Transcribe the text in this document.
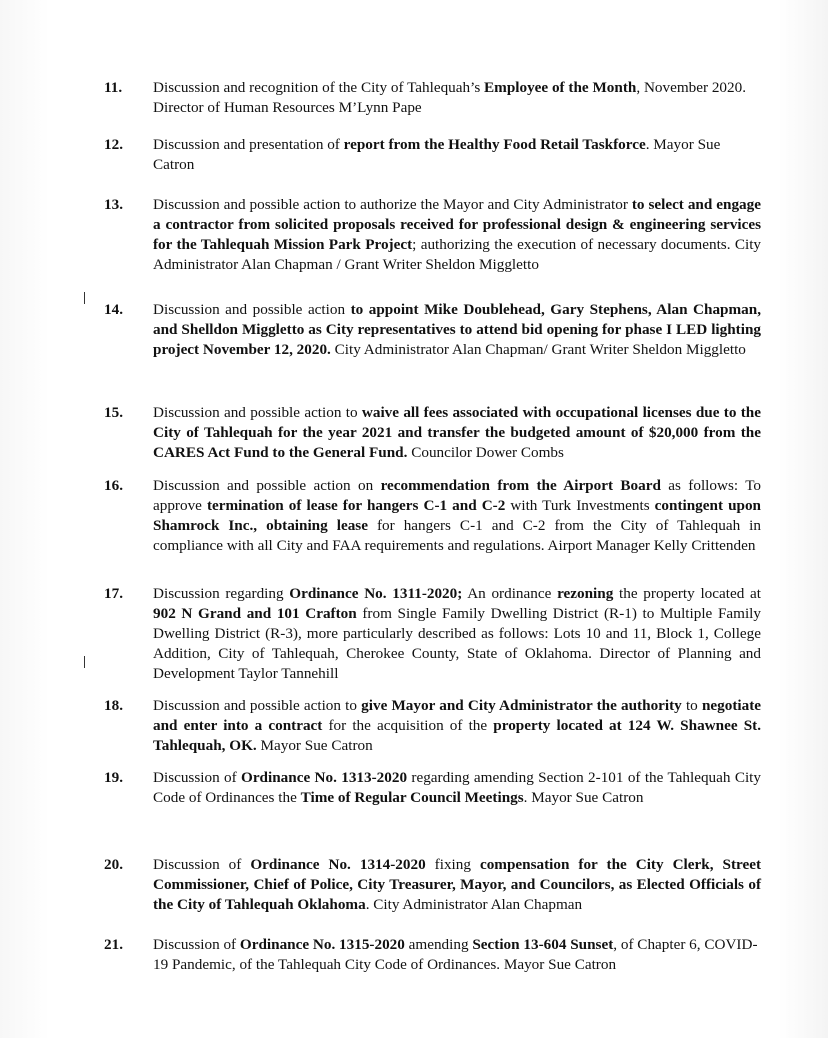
11. Discussion and recognition of the City of Tahlequah’s Employee of the Month, November 2020. Director of Human Resources M’Lynn Pape
12. Discussion and presentation of report from the Healthy Food Retail Taskforce. Mayor Sue Catron
13. Discussion and possible action to authorize the Mayor and City Administrator to select and engage a contractor from solicited proposals received for professional design & engineering services for the Tahlequah Mission Park Project; authorizing the execution of necessary documents. City Administrator Alan Chapman / Grant Writer Sheldon Miggletto
14. Discussion and possible action to appoint Mike Doublehead, Gary Stephens, Alan Chapman, and Shelldon Miggletto as City representatives to attend bid opening for phase I LED lighting project November 12, 2020. City Administrator Alan Chapman/ Grant Writer Sheldon Miggletto
15. Discussion and possible action to waive all fees associated with occupational licenses due to the City of Tahlequah for the year 2021 and transfer the budgeted amount of $20,000 from the CARES Act Fund to the General Fund. Councilor Dower Combs
16. Discussion and possible action on recommendation from the Airport Board as follows: To approve termination of lease for hangers C-1 and C-2 with Turk Investments contingent upon Shamrock Inc., obtaining lease for hangers C-1 and C-2 from the City of Tahlequah in compliance with all City and FAA requirements and regulations. Airport Manager Kelly Crittenden
17. Discussion regarding Ordinance No. 1311-2020; An ordinance rezoning the property located at 902 N Grand and 101 Crafton from Single Family Dwelling District (R-1) to Multiple Family Dwelling District (R-3), more particularly described as follows: Lots 10 and 11, Block 1, College Addition, City of Tahlequah, Cherokee County, State of Oklahoma. Director of Planning and Development Taylor Tannehill
18. Discussion and possible action to give Mayor and City Administrator the authority to negotiate and enter into a contract for the acquisition of the property located at 124 W. Shawnee St. Tahlequah, OK. Mayor Sue Catron
19. Discussion of Ordinance No. 1313-2020 regarding amending Section 2-101 of the Tahlequah City Code of Ordinances the Time of Regular Council Meetings. Mayor Sue Catron
20. Discussion of Ordinance No. 1314-2020 fixing compensation for the City Clerk, Street Commissioner, Chief of Police, City Treasurer, Mayor, and Councilors, as Elected Officials of the City of Tahlequah Oklahoma. City Administrator Alan Chapman
21. Discussion of Ordinance No. 1315-2020 amending Section 13-604 Sunset, of Chapter 6, COVID-19 Pandemic, of the Tahlequah City Code of Ordinances. Mayor Sue Catron
